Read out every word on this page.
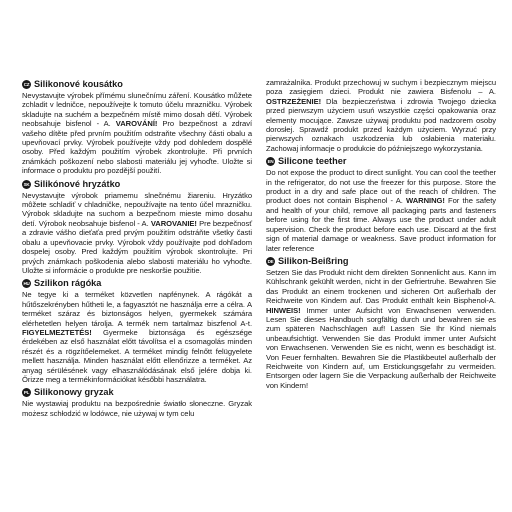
CZ Silikonové kousátko

Nevystavujte výrobek přímému slunečnímu záření. Kousátko můžete zchladit v ledničce, nepoužívejte k tomuto účelu mrazničku. Výrobek skladujte na suchém a bezpečném místě mimo dosah dětí. Výrobek neobsahuje bisfenol - A. VAROVÁNÍ! Pro bezpečnost a zdraví vašeho dítěte před prvním použitím odstraňte všechny části obalu a upevňovací prvky. Výrobek používejte vždy pod dohledem dospělé osoby. Před každým použitím výrobek zkontrolujte. Při prvních známkách poškození nebo slabosti materiálu jej vyhoďte. Uložte si informace o produktu pro pozdější použití.

SK Silikónové hryzátko

Nevystavujte výrobok priamemu slnečnému žiareniu. Hryzátko môžete schladiť v chladničke, nepoužívajte na tento účel mrazničku. Výrobok skladujte na suchom a bezpečnom mieste mimo dosahu detí. Výrobok neobsahuje bisfenol - A. VAROVANIE! Pre bezpečnosť a zdravie vášho dieťaťa pred prvým použitím odstráňte všetky časti obalu a upevňovacie prvky. Výrobok vždy používajte pod dohľadom dospelej osoby. Pred každým použitím výrobok skontrolujte. Pri prvých známkach poškodenia alebo slabosti materiálu ho vyhoďte. Uložte si informácie o produkte pre neskoršie použitie.

HU Szilikon rágóka

Ne tegye ki a terméket közvetlen napfénynek. A rágókát a hűtőszekrényben hűtheti le, a fagyasztót ne használja erre a célra. A terméket száraz és biztonságos helyen, gyermekek számára elérhetetlen helyen tárolja. A termék nem tartalmaz biszfenol A-t. FIGYELMEZTETÉS! Gyermeke biztonsága és egészsége érdekében az első használat előtt távolítsa el a csomagolás minden részét és a rögzítőelemeket. A terméket mindig felnőtt felügyelete mellett használja. Minden használat előtt ellenőrizze a terméket. Az anyag sérülésének vagy elhasználódásának első jelére dobja ki. Őrizze meg a termékinformációkat későbbi használatra.

PL Silikonowy gryzak

Nie wystawiaj produktu na bezpośrednie światło słoneczne. Gryzak możesz schłodzić w lodówce, nie używaj w tym celu

zamrażalnika. Produkt przechowuj w suchym i bezpiecznym miejscu poza zasięgiem dzieci. Produkt nie zawiera Bisfenolu – A. OSTRZEŻENIE! Dla bezpieczeństwa i zdrowia Twojego dziecka przed pierwszym użyciem usuń wszystkie części opakowania oraz elementy mocujące. Zawsze używaj produktu pod nadzorem osoby dorosłej. Sprawdź produkt przed każdym użyciem. Wyrzuć przy pierwszych oznakach uszkodzenia lub osłabienia materiału. Zachowaj informacje o produkcie do późniejszego wykorzystania.

EN Silicone teether

Do not expose the product to direct sunlight. You can cool the teether in the refrigerator, do not use the freezer for this purpose. Store the product in a dry and safe place out of the reach of children. The product does not contain Bisphenol - A. WARNING! For the safety and health of your child, remove all packaging parts and fasteners before using for the first time. Always use the product under adult supervision. Check the product before each use. Discard at the first sign of material damage or weakness. Save product information for later reference

DE Silikon-Beißring

Setzen Sie das Produkt nicht dem direkten Sonnenlicht aus. Kann im Kühlschrank gekühlt werden, nicht in der Gefriertruhe. Bewahren Sie das Produkt an einem trockenen und sicheren Ort außerhalb der Reichweite von Kindern auf. Das Produkt enthält kein Bisphenol-A. HINWEIS! Immer unter Aufsicht von Erwachsenen verwenden. Lesen Sie dieses Handbuch sorgfältig durch und bewahren sie es zum späteren Nachschlagen auf! Lassen Sie Ihr Kind niemals unbeaufsichtigt. Verwenden Sie das Produkt immer unter Aufsicht von Erwachsenen. Verwenden Sie es nicht, wenn es beschädigt ist. Von Feuer fernhalten. Bewahren Sie die Plastikbeutel außerhalb der Reichweite von Kindern auf, um Erstickungsgefahr zu vermeiden. Entsorgen oder lagern Sie die Verpackung außerhalb der Reichweite von Kindern!
